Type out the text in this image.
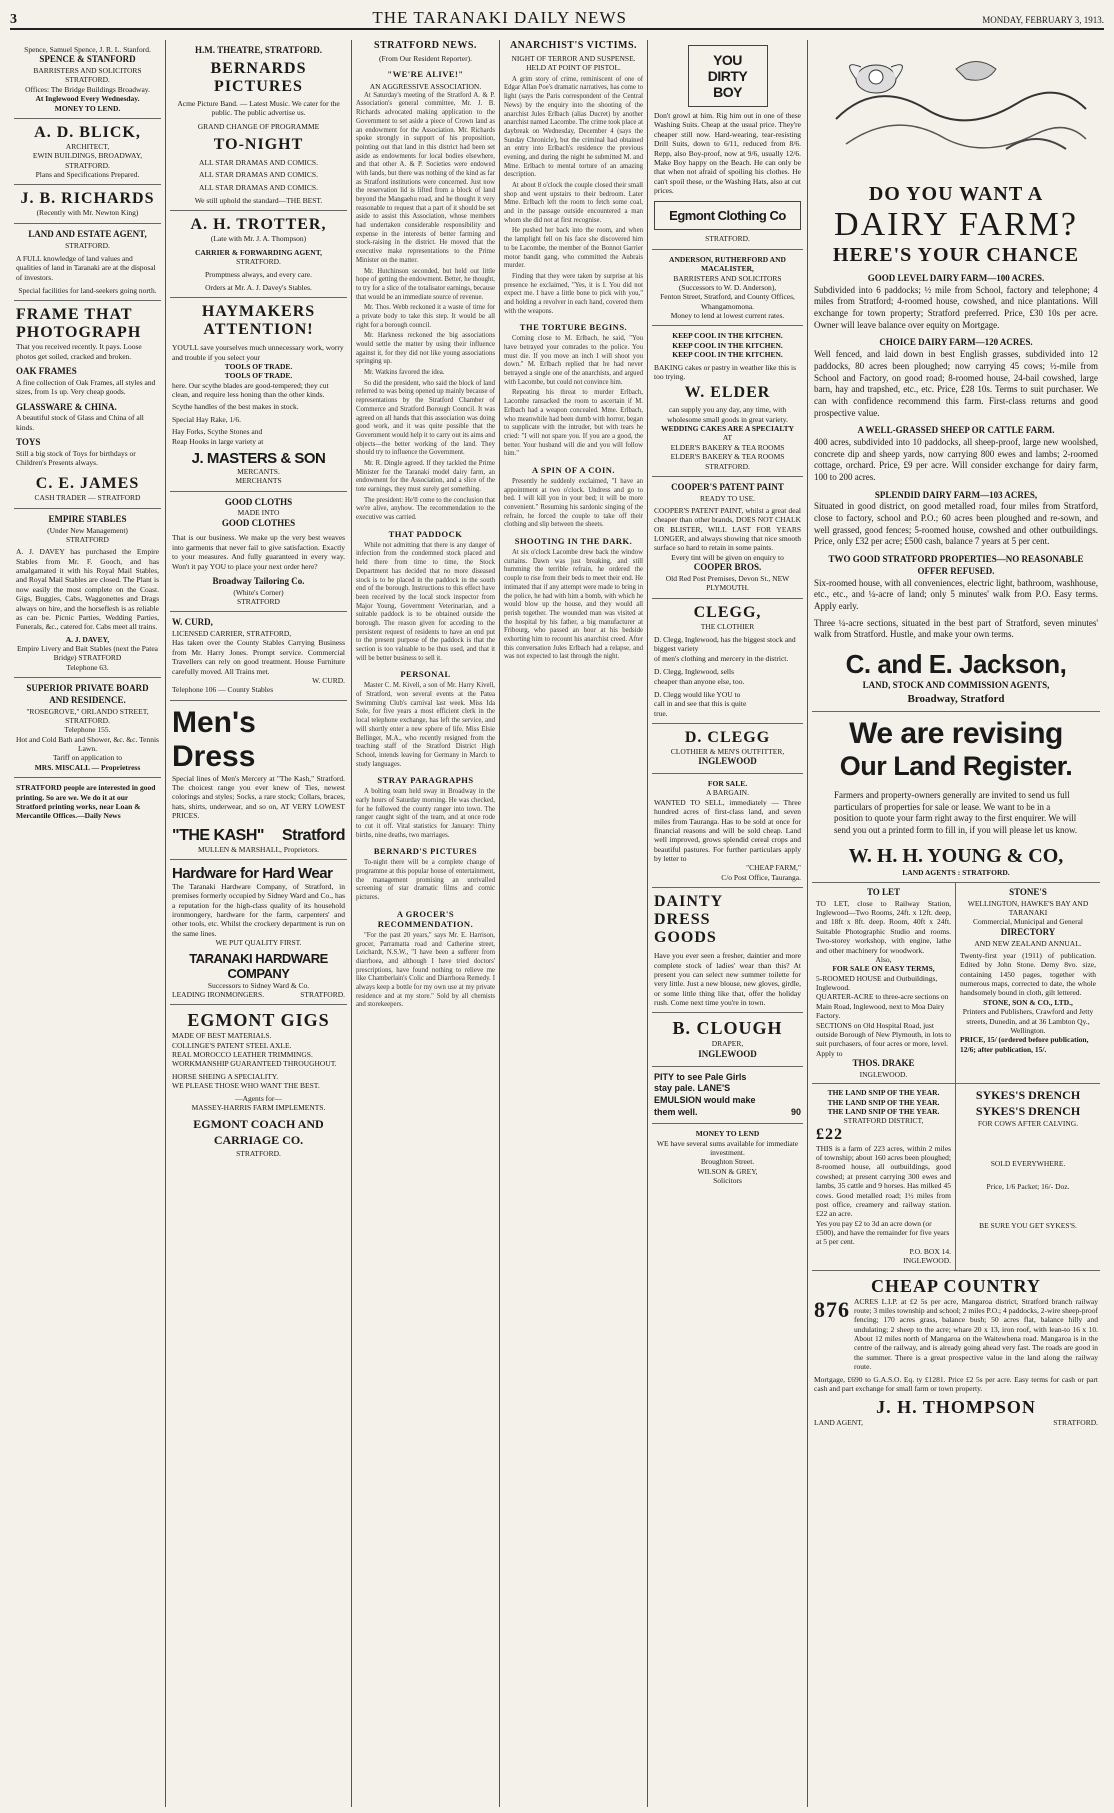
3	THE TARANAKI DAILY NEWS	MONDAY, FEBRUARY 3, 1913.
Spence, Samuel Spence, J. R. L. Stanford.
SPENCE & STANFORD
BARRISTERS AND SOLICITORS
STRATFORD.
Offices: The Bridge Buildings Broadway.
At Inglewood Every Wednesday.
MONEY TO LEND.
A. D. BLICK,
ARCHITECT,
EWIN BUILDINGS, BROADWAY, STRATFORD.
Plans and Specifications Prepared.
J. B. RICHARDS
(Recently with Mr. Newton King)
LAND AND ESTATE AGENT,
STRATFORD.
A FULL knowledge of land values and qualities of land in Taranaki are at the disposal of investors.
Special facilities for land-seekers going north.
FRAME THAT PHOTOGRAPH
That you received recently. It pays. Loose photos get soiled, cracked and broken.
OAK FRAMES
A fine collection of Oak Frames, all styles and sizes, from 1s up. Very cheap goods.
GLASSWARE & CHINA.
A beautiful stock of Glass and China of all kinds.
TOYS
Still a big stock of Toys for birthdays or Children's Presents always.
C. E. JAMES
CASH TRADER — STRATFORD
EMPIRE STABLES
(Under New Management)
STRATFORD
A. J. DAVEY has purchased the Empire Stables from Mr. F. Gooch, and has amalgamated it with his Royal Mail Stables, and Royal Mail Stables are closed. The Plant is now easily the most complete on the Coast. Gigs, Buggies, Cabs, Waggonettes and Drags always on hire, and the horseflesh is as reliable as can be. Picnic Parties, Wedding Parties, Funerals, &c., catered for. Cabs meet all trains.
A. J. DAVEY,
Empire Livery and Bait Stables (next the Patea Bridge) STRATFORD
Telephone 63.
SUPERIOR PRIVATE BOARD AND RESIDENCE.
"ROSEGROVE," ORLANDO STREET,
STRATFORD.
Telephone 155.
Hot and Cold Bath and Shower, &c. &c. Tennis Lawn.
Tariff on application to
MRS. MISCALL — Proprietress
STRATFORD people are interested in good printing. So are we. We do it at our Stratford printing works, near Loan & Mercantile Offices.—Daily News
H.M. THEATRE, STRATFORD.
BERNARDS PICTURES
Acme Picture Band. — Latest Music. We cater for the public. The public advertise us.
GRAND CHANGE OF PROGRAMME
TO-NIGHT
ALL STAR DRAMAS AND COMICS.
ALL STAR DRAMAS AND COMICS.
ALL STAR DRAMAS AND COMICS.
We still uphold the standard—THE BEST.
A. H. TROTTER,
(Late with Mr. J. A. Thompson)
CARRIER & FORWARDING AGENT,
STRATFORD.
Promptness always, and every care.
Orders at Mr. A. J. Davey's Stables.
HAYMAKERS ATTENTION!
YOU'LL save yourselves much unnecessary work, worry and trouble if you select your
TOOLS OF TRADE.
TOOLS OF TRADE.
here. Our scythe blades are good-tempered; they cut clean, and require less honing than the other kinds.
Scythe handles of the best makes in stock.
Special Hay Rake, 1/6.
Hay Forks, Scythe Stones and
Reap Hooks in large variety at
J. MASTERS & SON
MERCANTS.
MERCHANTS
GOOD CLOTHS
MADE INTO
GOOD CLOTHES
That is our business. We make up the very best weaves into garments that never fail to give satisfaction. Exactly to your measures. And fully guaranteed in every way. Won't it pay YOU to place your next order here?
Broadway Tailoring Co.
(White's Corner)
STRATFORD
W. CURD,
LICENSED CARRIER, STRATFORD,
Has taken over the County Stables Carrying Business from Mr. Harry Jones. Prompt service. Commercial Travellers can rely on good treatment. House Furniture carefully moved. All Trains met.
W. CURD.
Telephone 106 — County Stables
Men's Dress
Special lines of Men's Mercery at "The Kash," Stratford. The choicest range you ever knew of Ties, newest colorings and styles; Socks, a rare stock; Collars, braces, hats, shirts, underwear, and so on, AT VERY LOWEST PRICES.
"THE KASH" Stratford
MULLEN & MARSHALL, Proprietors.
Hardware for Hard Wear
The Taranaki Hardware Company, of Stratford, in premises formerly occupied by Sidney Ward and Co., has a reputation for the high-class quality of its household ironmongery, hardware for the farm, carpenters' and other tools, etc. Whilst the crockery department is run on the same lines.
WE PUT QUALITY FIRST.
TARANAKI HARDWARE COMPANY
Successors to Sidney Ward & Co.
LEADING IRONMONGERS.	STRATFORD.
EGMONT GIGS
MADE OF BEST MATERIALS.
COLLINGE'S PATENT STEEL AXLE.
REAL MOROCCO LEATHER TRIMMINGS.
WORKMANSHIP GUARANTEED THROUGHOUT.
HORSE SHEING A SPECIALITY.
WE PLEASE THOSE WHO WANT THE BEST.
—Agents for—
MASSEY-HARRIS FARM IMPLEMENTS.
EGMONT COACH AND CARRIAGE CO.
STRATFORD.
STRATFORD NEWS.
(From Our Resident Reporter).
"WE'RE ALIVE!"
AN AGGRESSIVE ASSOCIATION.

At Saturday's meeting of the Stratford A. & P. Association's general committee, Mr. J. B. Richards advocated making application to the Government to set aside a piece of Crown land as an endowment for the Association. Mr. Richards spoke strongly in support of his proposition, pointing out that land in this district had been set aside as endowments for local bodies elsewhere, and that other A. & P. Societies were endowed with lands, but there was nothing of the kind as far as Stratford institutions were concerned. Just now the reservation lid is lifted from a block of land beyond the Mangaehu road, and he thought it very reasonable to request that a part of it should be set aside to assist this Association, whose members had undertaken considerable responsibility and expense in the interests of better farming and stock-raising in the district. He moved that the executive make representations to the Prime Minister on the matter.

Mr. Hutchinson seconded, but held out little hope of getting the endowment. Better, he thought, to try for a slice of the totalisator earnings, because that would be an immediate source of revenue.

Mr. Thos. Webb reckoned it a waste of time for a private body to take this step. It would be all right for a borough council.

Mr. Harkness reckoned the big associations would settle the matter by using their influence against it, for they did not like young associations springing up.

Mr. Watkins favored the idea.

So did the president, who said the block of land referred to was being opened up mainly because of representations by the Stratford Chamber of Commerce and Stratford Borough Council. It was agreed on all hands that this association was doing good work, and it was quite possible that the Government would help it to carry out its aims and objects—the better working of the land. They should try to influence the Government.

Mr. R. Dingle agreed. If they tackled the Prime Minister for the Taranaki model dairy farm, an endowment for the Association, and a slice of the tote earnings, they must surely get something.

The president: He'll come to the conclusion that we're alive, anyhow. The recommendation to the executive was carried.

THAT PADDOCK

While not admitting that there is any danger of infection from the condemned stock placed and held there from time to time, the Stock Department has decided that no more diseased stock is to be placed in the paddock in the south end of the borough. Instructions to this effect have been received by the local stock inspector from Major Young, Government Veterinarian, and a suitable paddock is to be obtained outside the borough. The reason given for acceding to the persistent request of residents to have an end put to the present purpose of the paddock is that the section is too valuable to be thus used, and that it will be better business to sell it.

PERSONAL

Master C. M. Kivell, a son of Mr. Harry Kivell, of Stratford, won several events at the Patea Swimming Club's carnival last week. Miss Ida Sole, for five years a most efficient clerk in the local telephone exchange, has left the service, and will shortly enter a new sphere of life. Miss Elsie Bellinger, M.A., who recently resigned from the teaching staff of the Stratford District High School, intends leaving for Germany in March to study languages.

STRAY PARAGRAPHS

A bolting team held sway in Broadway in the early hours of Saturday morning. He was checked, for he followed the county ranger into town. The ranger caught sight of the team, and at once rode to cut it off. Vital statistics for January: Thirty births, nine deaths, two marriages.

BERNARD'S PICTURES

To-night there will be a complete change of programme at this popular house of entertainment, the management promising an unrivalled screening of star dramatic films and comic pictures.

A GROCER'S RECOMMENDATION.

"For the past 20 years," says Mr. E. Harrison, grocer, Parramatta road and Catherine street, Leichardt, N.S.W., "I have been a sufferer from diarrhoea, and although I have tried doctors' prescriptions, have found nothing to relieve me like Chamberlain's Colic and Diarrhoea Remedy. I always keep a bottle for my own use at my private residence and at my store." Sold by all chemists and storekeepers.

ANARCHIST'S VICTIMS.
NIGHT OF TERROR AND SUSPENSE.
HELD AT POINT OF PISTOL.

A grim story of crime, reminiscent of one of Edgar Allan Poe's dramatic narratives, has come to light (says the Paris correspondent of the Central News) by the enquiry into the shooting of the anarchist Jules Erlbach (alias Ducret) by another anarchist named Lacombe. The crime took place at daybreak on Wednesday, December 4 (says the Sunday Chronicle), but the criminal had obtained an entry into Erlbach's residence the previous evening, and during the night he submitted M. and Mme. Erlbach to mental torture of an amazing description.

At about 8 o'clock the couple closed their small shop and went upstairs to their bedroom. Later Mme. Erlbach left the room to fetch some coal, and in the passage outside encountered a man whom she did not at first recognise.

He pushed her back into the room, and when the lamplight fell on his face she discovered him to be Lacombe, the member of the Bonnot Garrier motor bandit gang, who committed the Aubrais murder.

Finding that they were taken by surprise at his presence he exclaimed, "Yes, it is I. You did not expect me. I have a little bone to pick with you," and holding a revolver in each hand, covered them with the weapons.

THE TORTURE BEGINS.

Coming close to M. Erlbach, he said, "You have betrayed your comrades to the police. You must die. If you move an inch I will shoot you down." M. Erlbach replied that he had never betrayed a single one of the anarchists, and argued with Lacombe, but could not convince him.

Repeating his threat to murder Erlbach, Lacombe ransacked the room to ascertain if M. Erlbach had a weapon concealed. Mme. Erlbach, who meanwhile had been dumb with horror, began to supplicate with the intruder, but with tears he cried: "I will not spare you. If you are a good, the better. Your husband will die and you will follow him."

A SPIN OF A COIN.

Presently he suddenly exclaimed, "I have an appointment at two o'clock. Undress and go to bed. I will kill you in your bed; it will be more convenient." Resuming his sardonic singing of the refrain, he forced the couple to take off their clothing and slip between the sheets.

SHOOTING IN THE DARK.

At six o'clock Lacombe drew back the window curtains. Dawn was just breaking, and still humming the terrible refrain, he ordered the couple to rise from their beds to meet their end. He intimated that if any attempt were made to bring in the police, he had with him a bomb, with which he would blow up the house, and they would all perish together. The wounded man was visited at the hospital by his father, a big manufacturer at Fribourg, who passed an hour at his bedside exhorting him to recount his anarchist creed. After this conversation Jules Erlbach had a relapse, and was not expected to last through the night.

YOU DIRTY
BOY
Don't growl at him. Rig him out in one of these Washing Suits. Cheap at the usual price. They're cheaper still now. Hard-wearing, tear-resisting Drill Suits, down to 6/11, reduced from 8/6. Repp, also Boy-proof, now at 9/6, usually 12/6. Make Boy happy on the Beach. He can only be that when not afraid of spoiling his clothes. He can't spoil these, or the Washing Hats, also at cut prices.
Egmont Clothing Co
STRATFORD.
ANDERSON, RUTHERFORD AND MACALISTER,
BARRISTERS AND SOLICITORS
(Successors to W. D. Anderson),
Fenton Street, Stratford, and County Offices, Whangamomona.
Money to lend at lowest current rates.
KEEP COOL IN THE KITCHEN.
KEEP COOL IN THE KITCHEN.
KEEP COOL IN THE KITCHEN.
BAKING cakes or pastry in weather like this is too trying.
W. ELDER
can supply you any day, any time, with wholesome small goods in great variety.
WEDDING CAKES ARE A SPECIALTY
AT
ELDER'S BAKERY & TEA ROOMS
ELDER'S BAKERY & TEA ROOMS
STRATFORD.
COOPER'S PATENT PAINT
READY TO USE.
COOPER'S PATENT PAINT, whilst a great deal cheaper than other brands, DOES NOT CHALK OR BLISTER, WILL LAST FOR YEARS LONGER, and always showing that nice smooth surface so hard to retain in some paints.
Every tint will be given on enquiry to
COOPER BROS.
Old Red Post Premises, Devon St., NEW PLYMOUTH.
CLEGG,
THE CLOTHIER
D. Clegg, Inglewood, has the biggest stock and biggest variety
of men's clothing and mercery in the district.
D. Clegg, Inglewood, sells
cheaper than anyone else, too.
D. Clegg would like YOU to
call in and see that this is quite
true.
D. CLEGG
CLOTHIER & MEN'S OUTFITTER,
INGLEWOOD
FOR SALE.
A BARGAIN.
WANTED TO SELL, immediately — Three hundred acres of first-class land, and seven miles from Tauranga. Has to be sold at once for financial reasons and will be sold cheap. Land well improved, grows splendid cereal crops and beautiful pastures. For further particulars apply by letter to
"CHEAP FARM,"
C/o Post Office, Tauranga.
DAINTY
DRESS
GOODS
Have you ever seen a fresher, daintier and more complete stock of ladies' wear than this? At present you can select new summer toilette for very little. Just a new blouse, new gloves, girdle, or some little thing like that, offer the holiday rush. Come next time you're in town.
B. CLOUGH
DRAPER,
INGLEWOOD
PITY to see Pale Girls
stay pale. LANE'S
EMULSION would make
them well.	90
MONEY TO LEND
WE have several sums available for immediate investment.
Broughton Street.
WILSON & GREY,
Solicitors
DO YOU WANT A
DAIRY FARM?
HERE'S YOUR CHANCE
GOOD LEVEL DAIRY FARM—100 ACRES.
Subdivided into 6 paddocks; ½ mile from School, factory and telephone; 4 miles from Stratford; 4-roomed house, cowshed, and nice plantations. Will exchange for town property; Stratford preferred. Price, £30 10s per acre. Owner will leave balance over equity on Mortgage.
CHOICE DAIRY FARM—120 ACRES.
Well fenced, and laid down in best English grasses, subdivided into 12 paddocks, 80 acres been ploughed; now carrying 45 cows; ½-mile from School and Factory, on good road; 8-roomed house, 24-bail cowshed, large barn, hay and trapshed, etc., etc. Price, £28 10s. Terms to suit purchaser. We can with confidence recommend this farm. First-class returns and good prospective value.
A WELL-GRASSED SHEEP OR CATTLE FARM.
400 acres, subdivided into 10 paddocks, all sheep-proof, large new woolshed, concrete dip and sheep yards, now carrying 800 ewes and lambs; 2-roomed cottage, orchard. Price, £9 per acre. Will consider exchange for dairy farm, 100 to 200 acres.
SPLENDID DAIRY FARM—103 ACRES,
Situated in good district, on good metalled road, four miles from Stratford, close to factory, school and P.O.; 60 acres been ploughed and re-sown, and well grassed, good fences; 5-roomed house, cowshed and other outbuildings. Price, only £32 per acre; £500 cash, balance 7 years at 5 per cent.
TWO GOOD STRATFORD PROPERTIES—NO REASONABLE OFFER REFUSED.
Six-roomed house, with all conveniences, electric light, bathroom, washhouse, etc., etc., and ¼-acre of land; only 5 minutes' walk from P.O. Easy terms. Apply early.
Three ¼-acre sections, situated in the best part of Stratford, seven minutes' walk from Stratford. Hustle, and make your own terms.
C. and E. Jackson,
LAND, STOCK AND COMMISSION AGENTS,
Broadway, Stratford
We are revising
Our Land Register.
Farmers and property-owners generally are invited to send us full particulars of properties for sale or lease. We want to be in a position to quote your farm right away to the first enquirer. We will send you out a printed form to fill in, if you will please let us know.
W. H. H. YOUNG & CO,
LAND AGENTS : STRATFORD.
TO LET
TO LET, close to Railway Station, Inglewood—Two Rooms, 24ft. x 12ft. deep, and 18ft x 8ft. deep. Room, 40ft x 24ft. Suitable Photographic Studio and rooms. Two-storey workshop, with engine, lathe and other machinery for woodwork.
Also,
FOR SALE ON EASY TERMS,
5-ROOMED HOUSE and Outbuildings, Inglewood.
QUARTER-ACRE to three-acre sections on Main Road, Inglewood, next to Moa Dairy Factory.
SECTIONS on Old Hospital Road, just outside Borough of New Plymouth, in lots to suit purchasers, of four acres or more, level.
Apply to
THOS. DRAKE
INGLEWOOD.
STONE'S
WELLINGTON, HAWKE'S BAY AND TARANAKI
Commercial, Municipal and General
DIRECTORY
AND NEW ZEALAND ANNUAL.
Twenty-first year (1911) of publication. Edited by John Stone. Demy 8vo. size, containing 1450 pages, together with numerous maps, corrected to date, the whole handsomely bound in cloth, gilt lettered.
STONE, SON & CO., LTD.,
Printers and Publishers, Crawford and Jetty streets, Dunedin, and at 36 Lambton Qy., Wellington.
PRICE, 15/ (ordered before publication, 12/6; after publication, 15/.
THE LAND SNIP OF THE YEAR.
THE LAND SNIP OF THE YEAR.
THE LAND SNIP OF THE YEAR.
STRATFORD DISTRICT,
£22
THIS is a farm of 223 acres, within 2 miles of township; about 160 acres been ploughed; 8-roomed house, all outbuildings, good cowshed; at present carrying 300 ewes and lambs, 35 cattle and 9 horses. Has milked 45 cows. Good metalled road; 1½ miles from post office, creamery and railway station. £22 an acre.
Yes you pay £2 to 3d an acre down (or £500), and have the remainder for five years at 5 per cent.
P.O. BOX 14.
INGLEWOOD.
SYKES'S DRENCH
SYKES'S DRENCH
FOR COWS AFTER CALVING.
SOLD EVERYWHERE.
Price, 1/6 Packet; 16/- Doz.
BE SURE YOU GET SYKES'S.
CHEAP COUNTRY
876 ACRES L.I.P. at £2 5s per acre, Mangaroa district, Stratford branch railway route; 3 miles township and school; 2 miles P.O.; 4 paddocks, 2-wire sheep-proof fencing; 170 acres grass, balance bush; 50 acres flat, balance hilly and undulating; 2 sheep to the acre; whare 20 x 13, iron roof, with lean-to 16 x 10. About 12 miles north of Mangaroa on the Waitewhena road. Mangaroa is in the centre of the railway, and is already going ahead very fast. The roads are good in the summer. There is a great prospective value in the land along the railway route.
Mortgage, £690 to G.A.S.O. Eq. ty £1281. Price £2 5s per acre. Easy terms for cash or part cash and part exchange for small farm or town property.
J. H. THOMPSON
LAND AGENT,	STRATFORD.
